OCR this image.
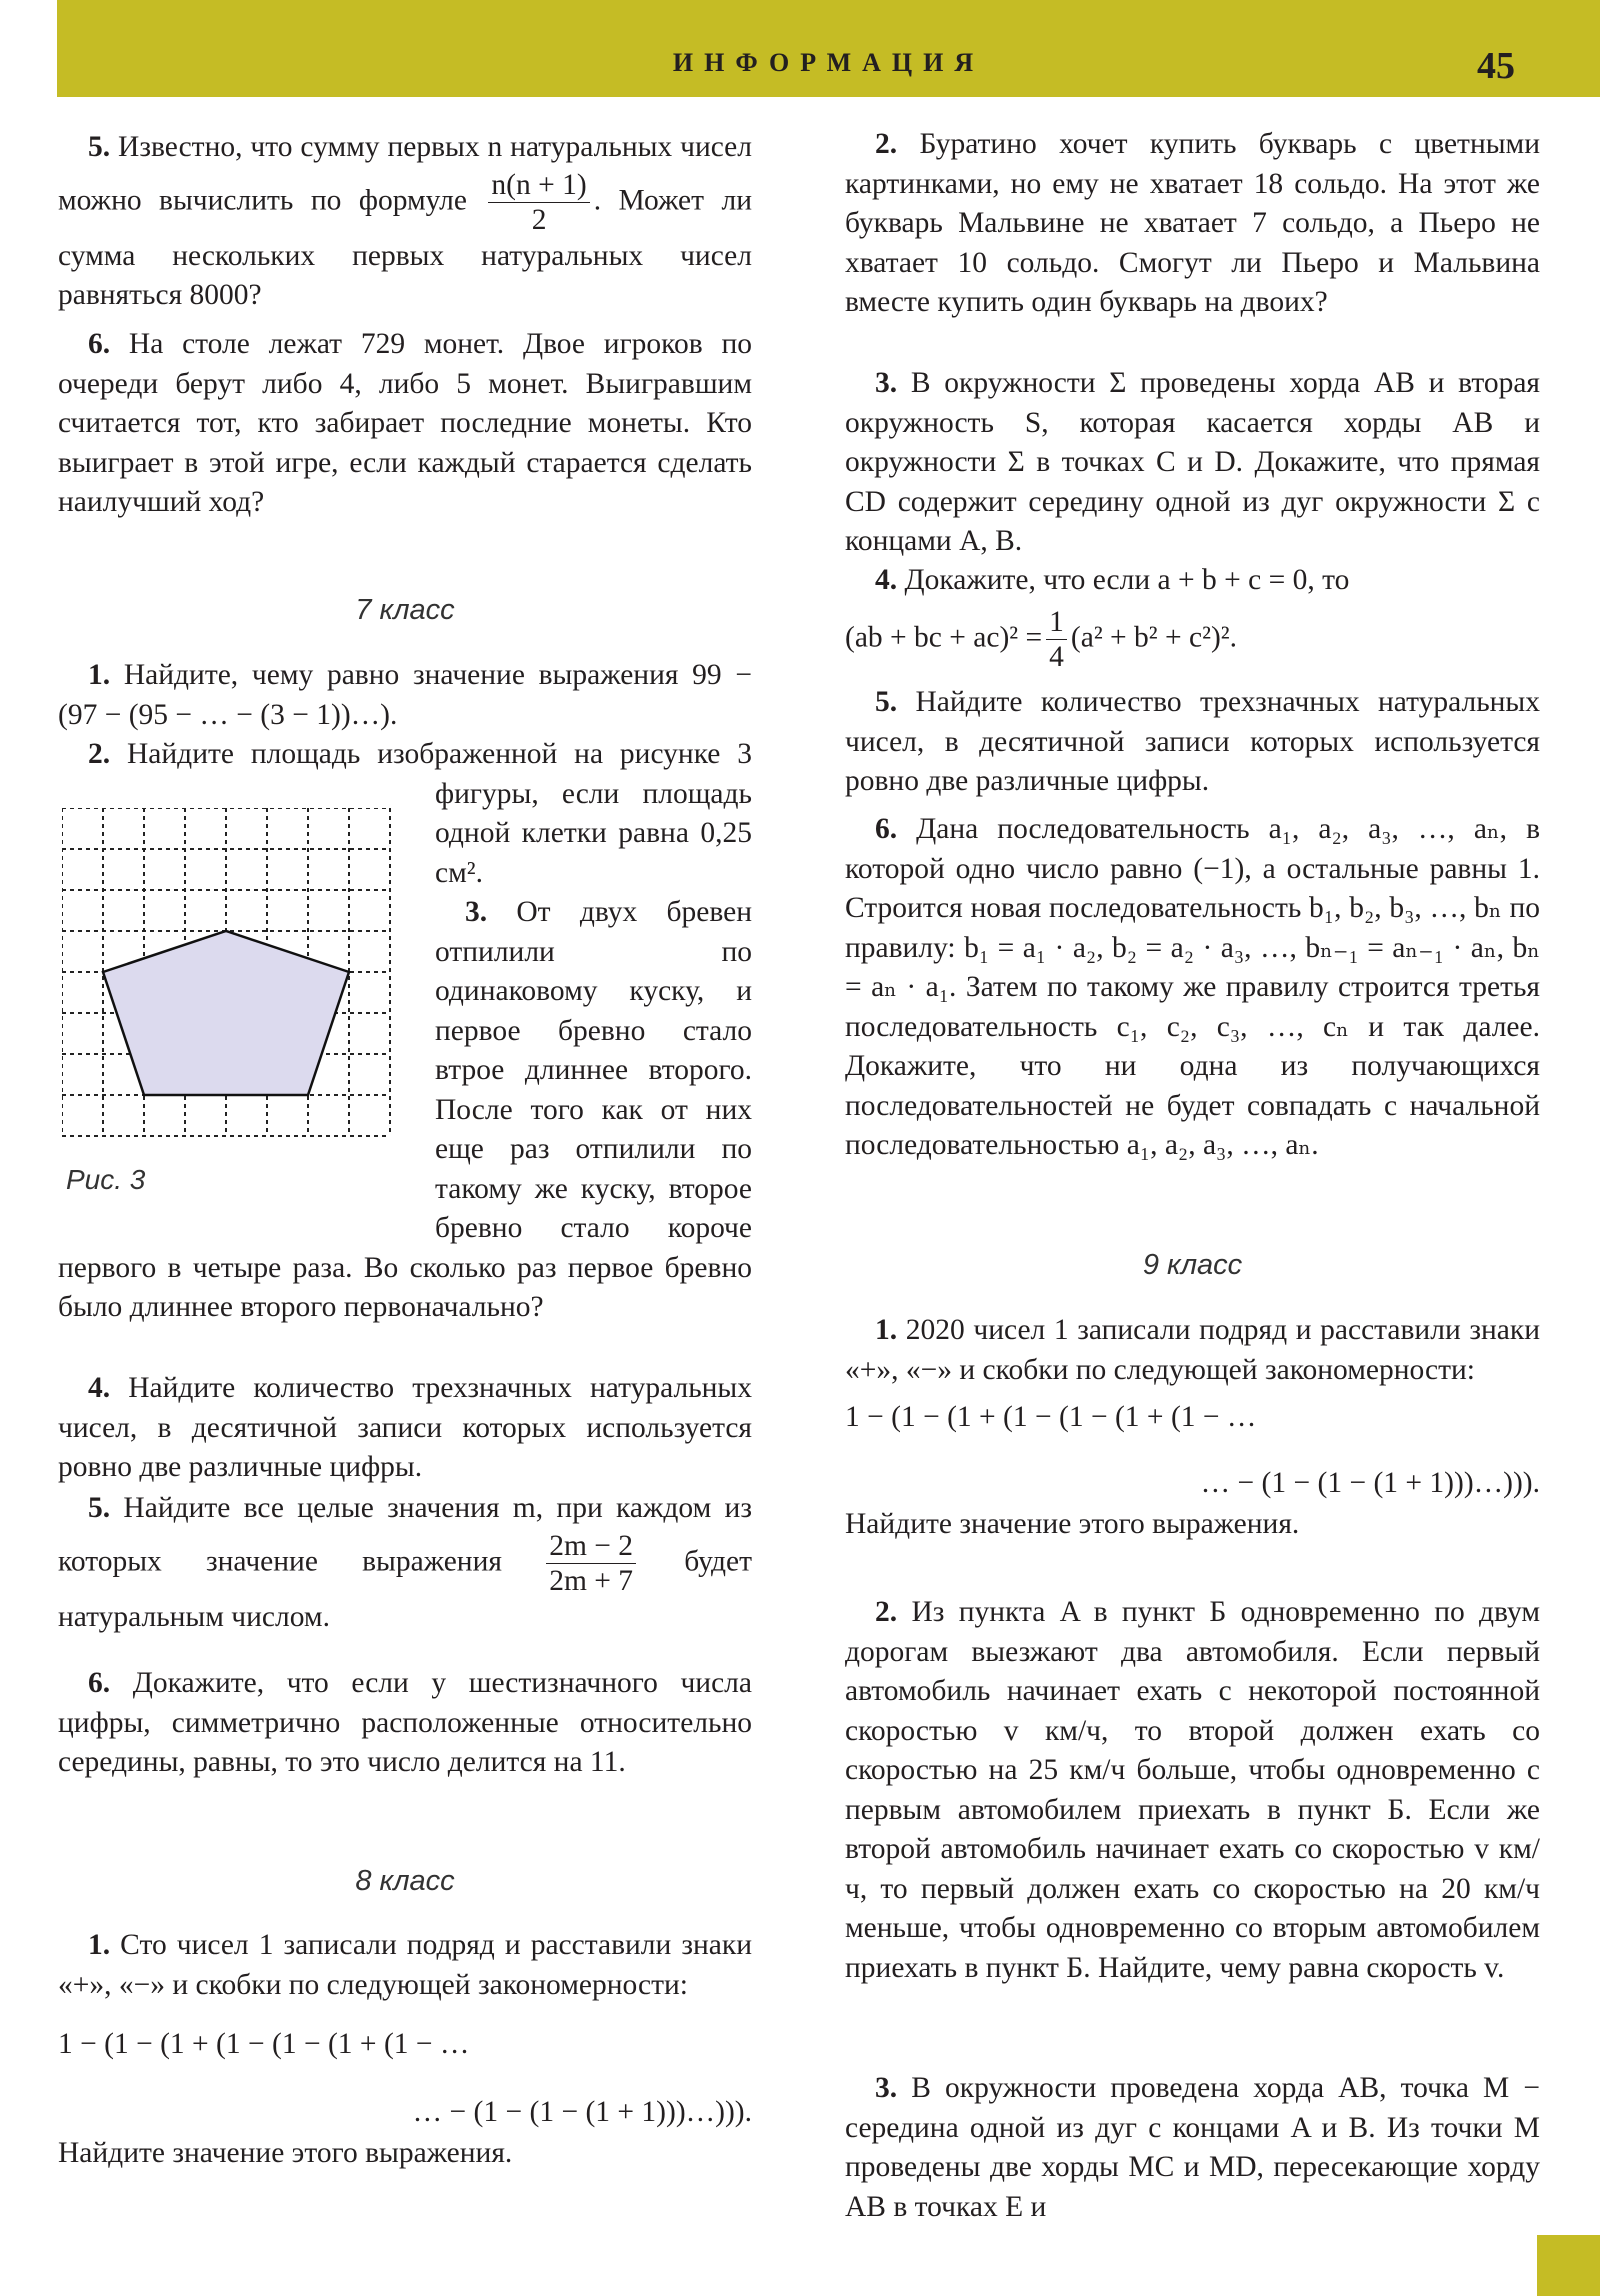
ИНФОРМАЦИЯ	45

5. Известно, что сумму первых n натуральных чисел можно вычислить по формуле $\frac{n(n + 1)}{2}$ . Может ли сумма нескольких первых натуральных чисел равняться 8000?

6. На столе лежат 729 монет. Двое игроков по очереди берут либо 4, либо 5 монет. Выигравшим считается тот, кто забирает последние монеты. Кто выиграет в этой игре, если каждый старается сделать наилучший ход?

7 класс

1. Найдите, чему равно значение выражения 99 − (97 − (95 − … − (3 − 1))…).

Рис. 3

2. Найдите площадь изображенной на рисунке 3 фигуры, если площадь одной клетки равна 0,25 см².

3. От двух бревен отпилили по одинаковому куску, и первое бревно стало втрое длиннее второго. После того как от них еще раз отпилили по такому же куску, второе бревно стало короче первого в четыре раза. Во сколько раз первое бревно было длиннее второго первоначально?

4. Найдите количество трехзначных натуральных чисел, в десятичной записи которых используется ровно две различные цифры.

5. Найдите все целые значения m, при каждом из которых значение выражения $\frac{2m - 2}{2m + 7}$ будет натуральным числом.

6. Докажите, что если у шестизначного числа цифры, симметрично расположенные относительно середины, равны, то это число делится на 11.

8 класс

1. Сто чисел 1 записали подряд и расставили знаки «+», «−» и скобки по следующей закономерности:

1 − (1 − (1 + (1 − (1 − (1 + (1 − …
… − (1 − (1 − (1 + 1)))…))).
Найдите значение этого выражения.

2. Буратино хочет купить букварь с цветными картинками, но ему не хватает 18 сольдо. На этот же букварь Мальвине не хватает 7 сольдо, а Пьеро не хватает 10 сольдо. Смогут ли Пьеро и Мальвина вместе купить один букварь на двоих?

3. В окружности Σ проведены хорда AB и вторая окружность S, которая касается хорды AB и окружности Σ в точках C и D. Докажите, что прямая CD содержит середину одной из дуг окружности Σ с концами A, B.

4. Докажите, что если a + b + c = 0, то

(ab + bc + $ac)^2 = \frac{1}{4} (a^2 + b^2 + c^2)^2$.

5. Найдите количество трехзначных натуральных чисел, в десятичной записи которых используется ровно две различные цифры.

6. Дана последовательность a₁, a₂, a₃, …, aₙ, в которой одно число равно (−1), а остальные равны 1. Строится новая последовательность b₁, b₂, b₃, …, bₙ по правилу: b₁ = a₁ · a₂, b₂ = a₂ · a₃, …, bₙ₋₁ = aₙ₋₁ · aₙ, bₙ = aₙ · a₁. Затем по такому же правилу строится третья последовательность c₁, c₂, c₃, …, cₙ и так далее. Докажите, что ни одна из получающихся последовательностей не будет совпадать с начальной последовательностью a₁, a₂, a₃, …, aₙ.

9 класс

1. 2020 чисел 1 записали подряд и расставили знаки «+», «−» и скобки по следующей закономерности:

1 − (1 − (1 + (1 − (1 − (1 + (1 − …
… − (1 − (1 − (1 + 1)))…))).
Найдите значение этого выражения.

2. Из пункта A в пункт Б одновременно по двум дорогам выезжают два автомобиля. Если первый автомобиль начинает ехать с некоторой постоянной скоростью v км/ч, то второй должен ехать со скоростью на 25 км/ч больше, чтобы одновременно с первым автомобилем приехать в пункт Б. Если же второй автомобиль начинает ехать со скоростью v км/ч, то первый должен ехать со скоростью на 20 км/ч меньше, чтобы одновременно со вторым автомобилем приехать в пункт Б. Найдите, чему равна скорость v.

3. В окружности проведена хорда AB, точка M − середина одной из дуг с концами A и B. Из точки M проведены две хорды MC и MD, пересекающие хорду AB в точках E и
